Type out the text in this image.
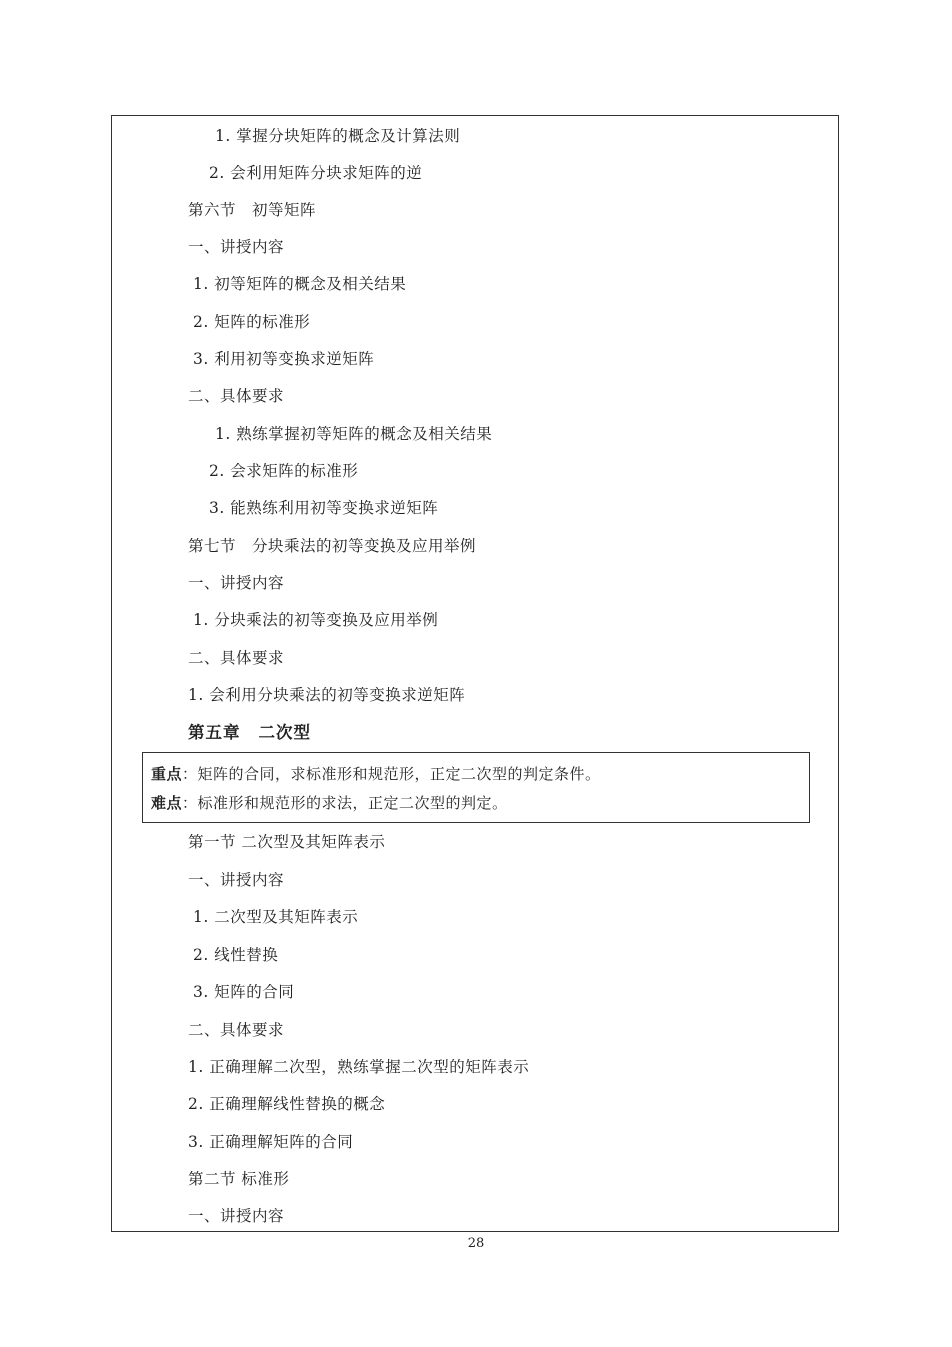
1. 掌握分块矩阵的概念及计算法则
2. 会利用矩阵分块求矩阵的逆
第六节　初等矩阵
一、讲授内容
1. 初等矩阵的概念及相关结果
2. 矩阵的标准形
3. 利用初等变换求逆矩阵
二、具体要求
1. 熟练掌握初等矩阵的概念及相关结果
2. 会求矩阵的标准形
3. 能熟练利用初等变换求逆矩阵
第七节　分块乘法的初等变换及应用举例
一、讲授内容
1. 分块乘法的初等变换及应用举例
二、具体要求
1. 会利用分块乘法的初等变换求逆矩阵
第五章 二次型
重点：矩阵的合同，求标准形和规范形，正定二次型的判定条件。
难点：标准形和规范形的求法，正定二次型的判定。
第一节 二次型及其矩阵表示
一、讲授内容
1. 二次型及其矩阵表示
2. 线性替换
3. 矩阵的合同
二、具体要求
1. 正确理解二次型，熟练掌握二次型的矩阵表示
2. 正确理解线性替换的概念
3. 正确理解矩阵的合同
第二节 标准形
一、讲授内容
28
